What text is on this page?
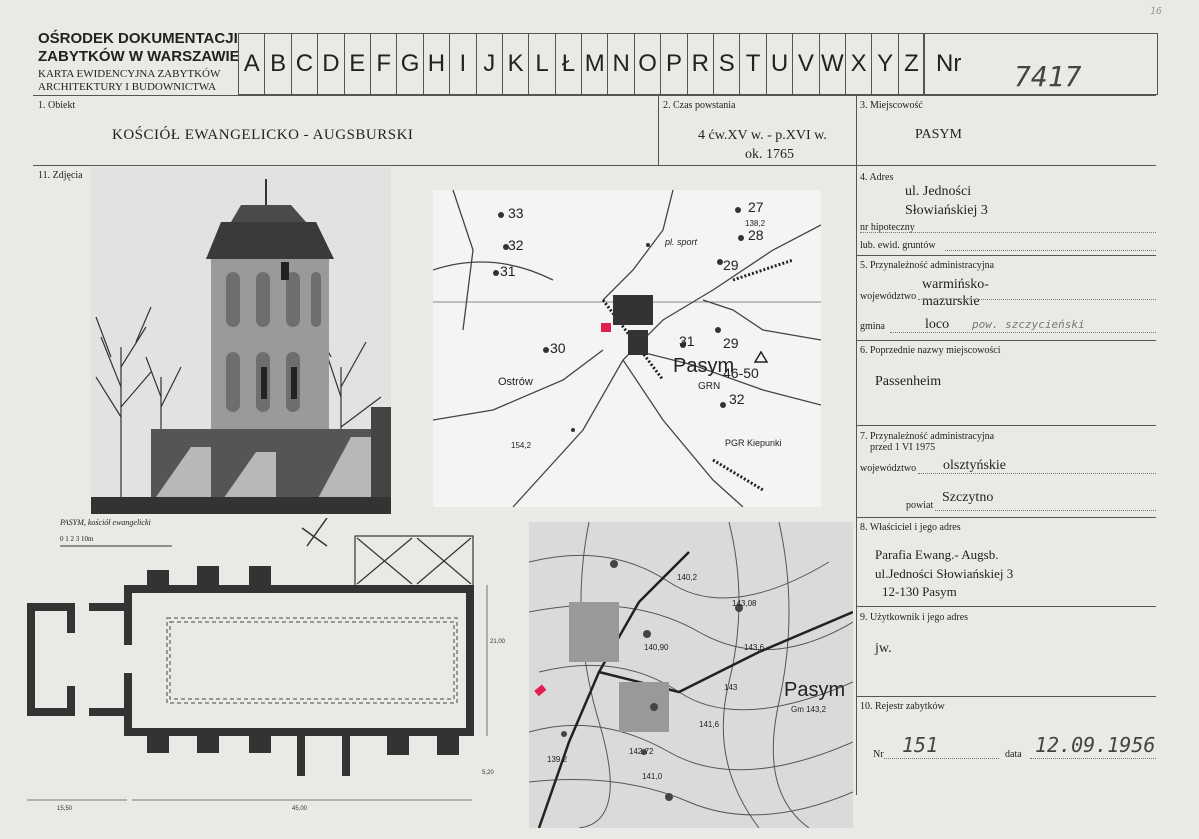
OŚRODEK DOKUMENTACJI
ZABYTKÓW W WARSZAWIE
KARTA EWIDENCYJNA ZABYTKÓW
ARCHITEKTURY I BUDOWNICTWA
A B C D E F G H I J K L Ł M N O P R S T U V W X Y Z Nr 7417
16
1. Obiekt
KOŚCIÓŁ EWANGELICKO - AUGSBURSKI
2. Czas powstania
4 ćw.XV w. - p.XVI w.
ok. 1765
3. Miejscowość
PASYM
11. Zdjęcia
33
32
31
30
27
28
29
29
31
46-50
32
GRN
Ostrów
PGR Kiepunki
pl. sport
138,2
154,2
Pasym
PASYM, kościół ewangelicki
0 1 2 3 10m
21,00
5,20
15,50	45,00
140,2
143,08
140,90	143,6
142,72
141,0
139,2
143
141,6
Gm 143,2
Pasym
4. Adres
ul. Jedności
Słowiańskiej 3
nr hipoteczny
lub. ewid. gruntów
5. Przynależność administracyjna
warmińsko-
województwo mazurskie
gmina	loco pow. szczycieński
6. Poprzednie nazwy miejscowości
Passenheim
7. Przynależność administracyjna
przed 1 VI 1975
województwo olsztyńskie
powiat
Szczytno
8. Właściciel i jego adres
Parafia Ewang.- Augsb.
ul.Jedności Słowiańskiej 3
12-130 Pasym
9. Użytkownik i jego adres
jw.
10. Rejestr zabytków
Nr 151	data 12.09.1956
